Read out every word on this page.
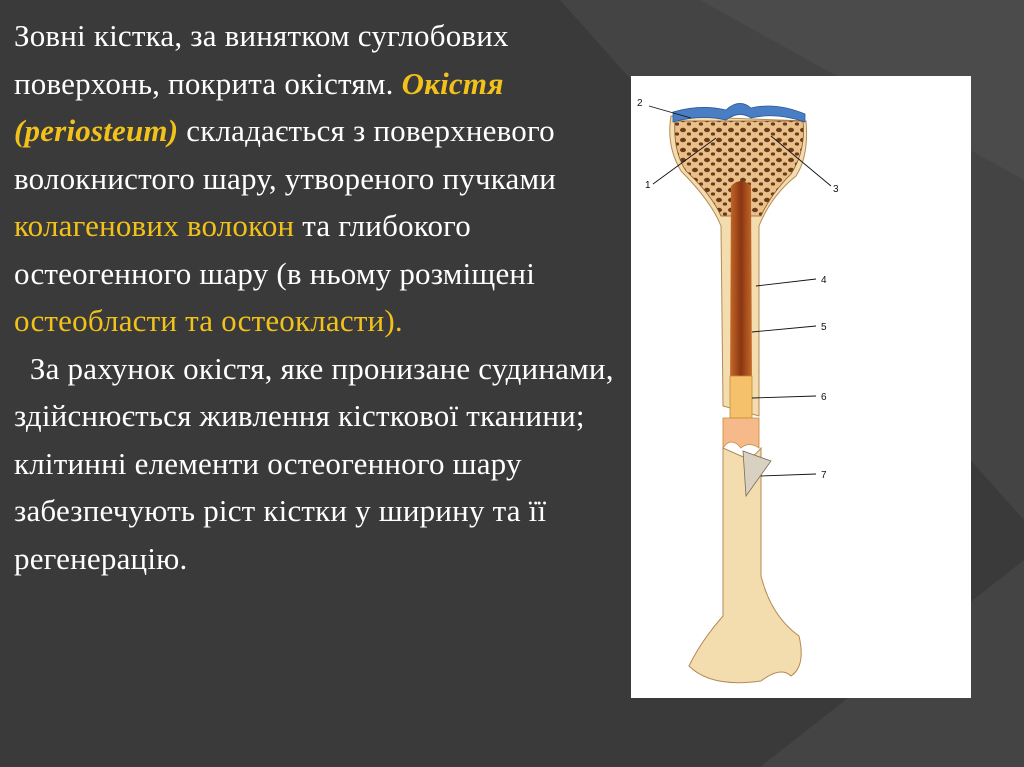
Зовні кістка, за винятком суглобових поверхонь, покрита окістям. Окістя (periosteum) складається з поверхневого волокнистого шару, утвореного пучками колагенових волокон та глибокого остеогенного шару (в ньому розміщені остеобласти та остеокласти).

За рахунок окістя, яке пронизане судинами, здійснюється живлення кісткової тканини; клітинні елементи остеогенного шару забезпечують ріст кістки у ширину та її регенерацію.

2
1	3
4
5
6
7
